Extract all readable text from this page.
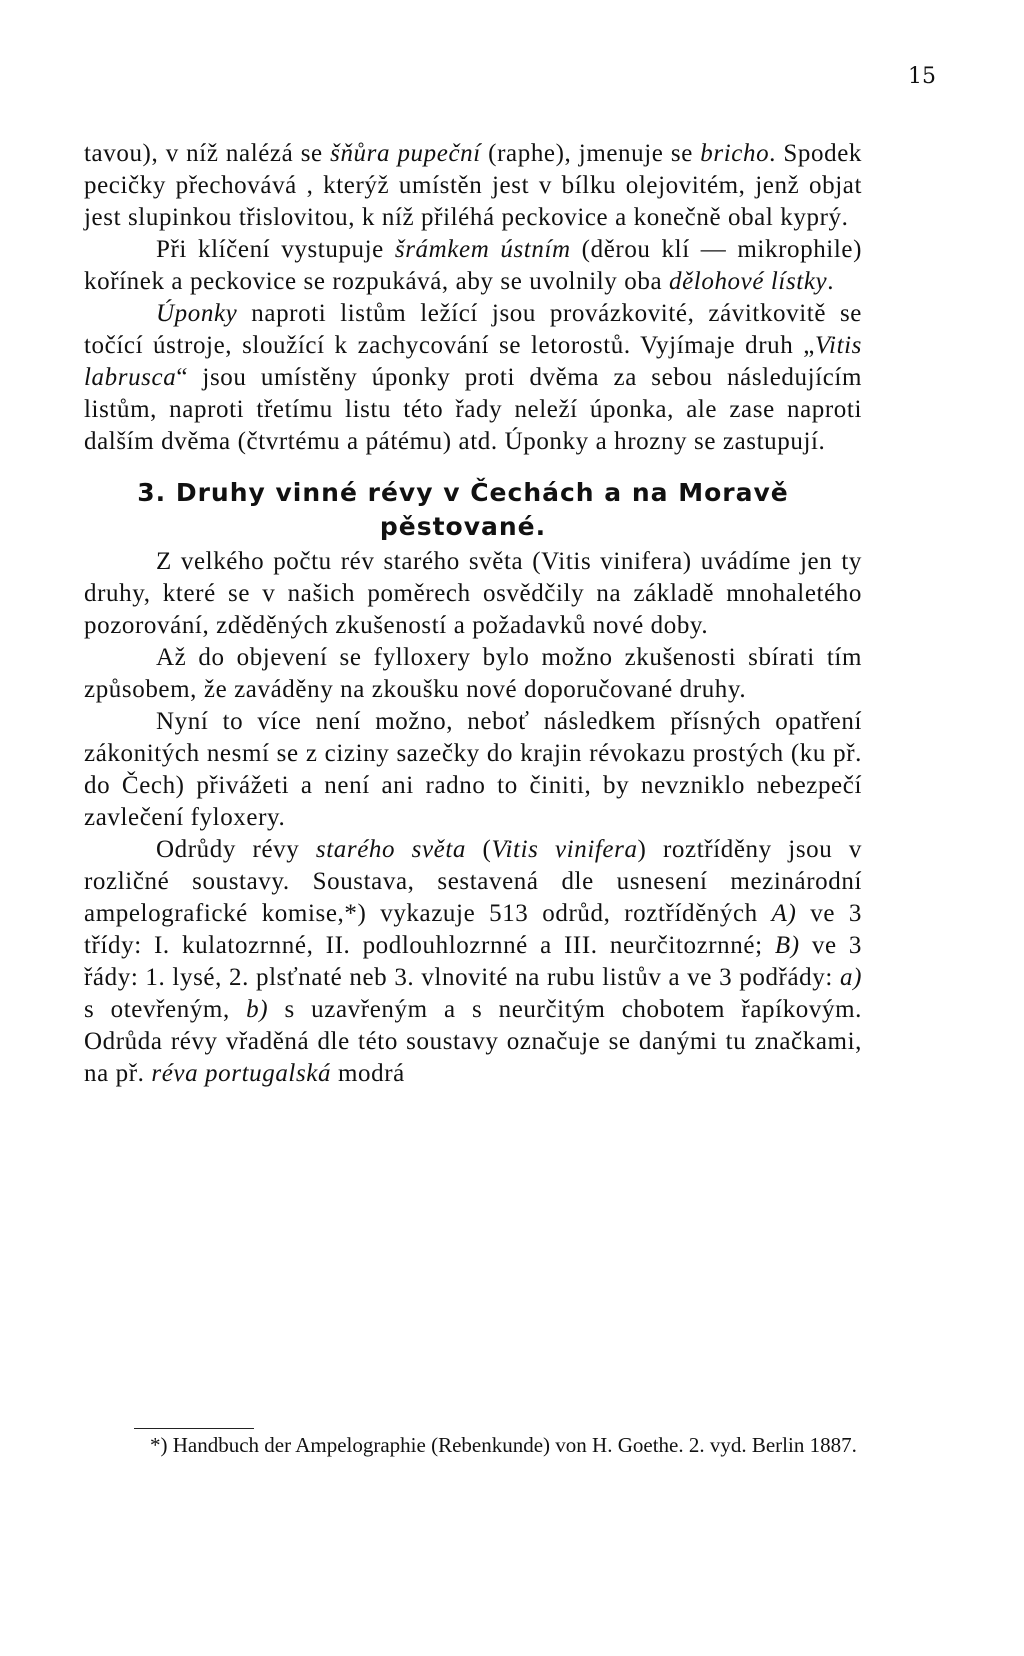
15

tavou), v níž nalézá se šňůra pupeční (raphe), jmenuje se bricho. Spodek pecičky přechovává , kterýž umístěn jest v bílku olejovitém, jenž objat jest slupinkou třislovitou, k níž přiléhá peckovice a konečně obal kyprý.

Při klíčení vystupuje šrámkem ústním (děrou klí — mikrophile) kořínek a peckovice se rozpukává, aby se uvolnily oba dělohové lístky.

Úponky naproti listům ležící jsou provázkovité, závitkovitě se točící ústroje, sloužící k zachycování se letorostů. Vyjímaje druh „Vitis labrusca“ jsou umístěny úponky proti dvěma za sebou následujícím listům, naproti třetímu listu této řady neleží úponka, ale zase naproti dalším dvěma (čtvrtému a pátému) atd. Úponky a hrozny se zastupují.

3. Druhy vinné révy v Čechách a na Moravě pěstované.

Z velkého počtu rév starého světa (Vitis vinifera) uvádíme jen ty druhy, které se v našich poměrech osvědčily na základě mnohaletého pozorování, zděděných zkušeností a požadavků nové doby.

Až do objevení se fylloxery bylo možno zkušenosti sbírati tím způsobem, že zaváděny na zkoušku nové doporučované druhy.

Nyní to více není možno, neboť následkem přísných opatření zákonitých nesmí se z ciziny sazečky do krajin révokazu prostých (ku př. do Čech) přivážeti a není ani radno to činiti, by nevzniklo nebezpečí zavlečení fyloxery.

Odrůdy révy starého světa (Vitis vinifera) roztříděny jsou v rozličné soustavy. Soustava, sestavená dle usnesení mezinárodní ampelografické komise,*) vykazuje 513 odrůd, roztříděných A) ve 3 třídy: I. kulatozrnné, II. podlouhlozrnné a III. neurčitozrnné; B) ve 3 řády: 1. lysé, 2. plsťnaté neb 3. vlnovité na rubu listův a ve 3 podřády: a) s otevřeným, b) s uzavřeným a s neurčitým chobotem řapíkovým. Odrůda révy vřaděná dle této soustavy označuje se danými tu značkami, na př. réva portugalská modrá

*) Handbuch der Ampelographie (Rebenkunde) von H. Goethe. 2. vyd. Berlin 1887.
